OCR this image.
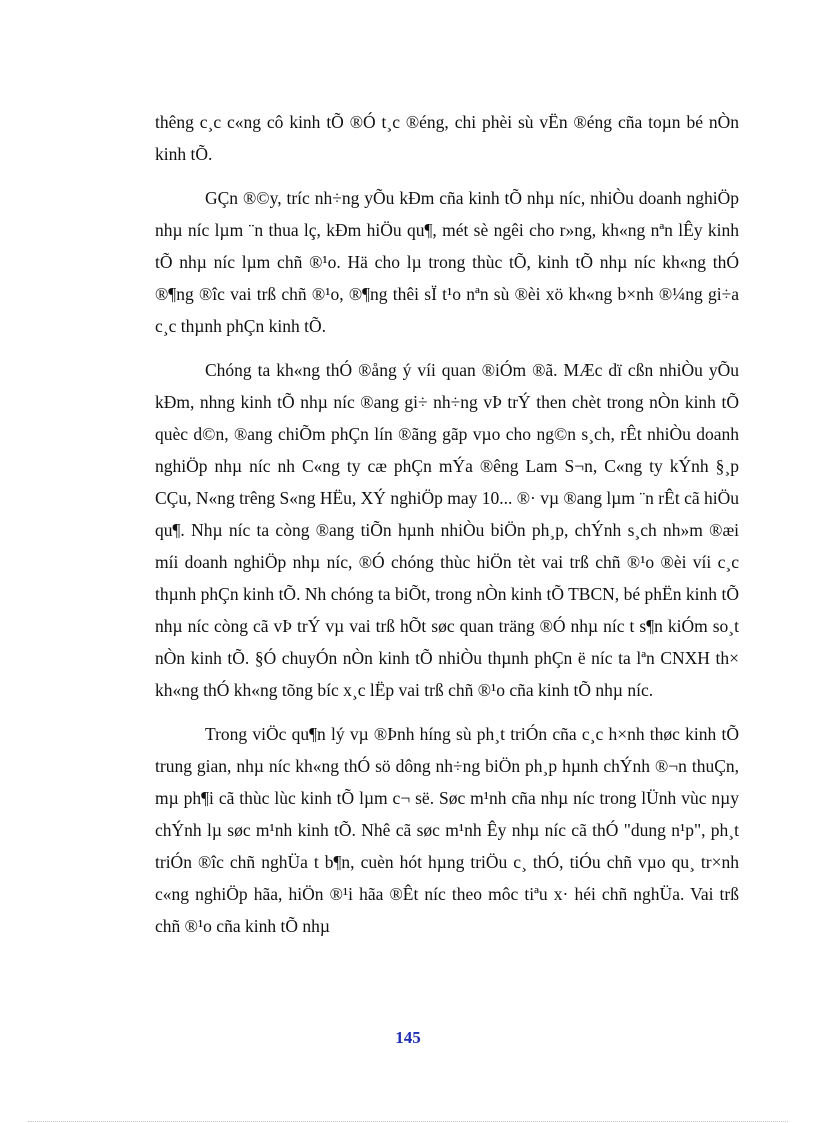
thêng c¸c c«ng cô kinh tÕ ®Ó t¸c ®éng, chi phèi sù vËn ®éng cña toµn bé nÒn kinh tÕ.

GÇn ®©y, tríc nh÷ng yÕu kÐm cña kinh tÕ nhµ níc, nhiÒu doanh nghiÖp nhµ níc lµm ¨n thua lç, kÐm hiÖu qu¶, mét sè ngêi cho r»ng, kh«ng nªn lÊy kinh tÕ nhµ níc lµm chñ ®¹o. Hä cho lµ trong thùc tÕ, kinh tÕ nhµ níc kh«ng thÓ ®¶ng ®îc vai trß chñ ®¹o, ®¶ng thêi sÏ t¹o nªn sù ®èi xö kh«ng b×nh ®¼ng gi÷a c¸c thµnh phÇn kinh tÕ.

Chóng ta kh«ng thÓ ®ång ý víi quan ®iÓm ®ã. MÆc dï cßn nhiÒu yÕu kÐm, nhng kinh tÕ nhµ níc ®ang gi÷ nh÷ng vÞ trÝ then chèt trong nÒn kinh tÕ quèc d©n, ®ang chiÕm phÇn lín ®ãng gãp vµo cho ng©n s¸ch, rÊt nhiÒu doanh nghiÖp nhµ níc nh C«ng ty cæ phÇn mÝa ®êng Lam S¬n, C«ng ty kÝnh §¸p CÇu, N«ng trêng S«ng HËu, XÝ nghiÖp may 10... ®· vµ ®ang lµm ¨n rÊt cã hiÖu qu¶. Nhµ níc ta còng ®ang tiÕn hµnh nhiÒu biÖn ph¸p, chÝnh s¸ch nh»m ®æi míi doanh nghiÖp nhµ níc, ®Ó chóng thùc hiÖn tèt vai trß chñ ®¹o ®èi víi c¸c thµnh phÇn kinh tÕ. Nh chóng ta biÕt, trong nÒn kinh tÕ TBCN, bé phËn kinh tÕ nhµ níc còng cã vÞ trÝ vµ vai trß hÕt søc quan träng ®Ó nhµ níc t s¶n kiÓm so¸t nÒn kinh tÕ. §Ó chuyÓn nÒn kinh tÕ nhiÒu thµnh phÇn ë níc ta lªn CNXH th× kh«ng thÓ kh«ng tõng bíc x¸c lËp vai trß chñ ®¹o cña kinh tÕ nhµ níc.

Trong viÖc qu¶n lý vµ ®Þnh híng sù ph¸t triÓn cña c¸c h×nh thøc kinh tÕ trung gian, nhµ níc kh«ng thÓ sö dông nh÷ng biÖn ph¸p hµnh chÝnh ®¬n thuÇn, mµ ph¶i cã thùc lùc kinh tÕ lµm c¬ së. Søc m¹nh cña nhµ níc trong lÜnh vùc nµy chÝnh lµ søc m¹nh kinh tÕ. Nhê cã søc m¹nh Êy nhµ níc cã thÓ "dung n¹p", ph¸t triÓn ®îc chñ nghÜa t b¶n, cuèn hót hµng triÖu c¸ thÓ, tiÓu chñ vµo qu¸ tr×nh c«ng nghiÖp hãa, hiÖn ®¹i hãa ®Êt níc theo môc tiªu x· héi chñ nghÜa. Vai trß chñ ®¹o cña kinh tÕ nhµ

145
